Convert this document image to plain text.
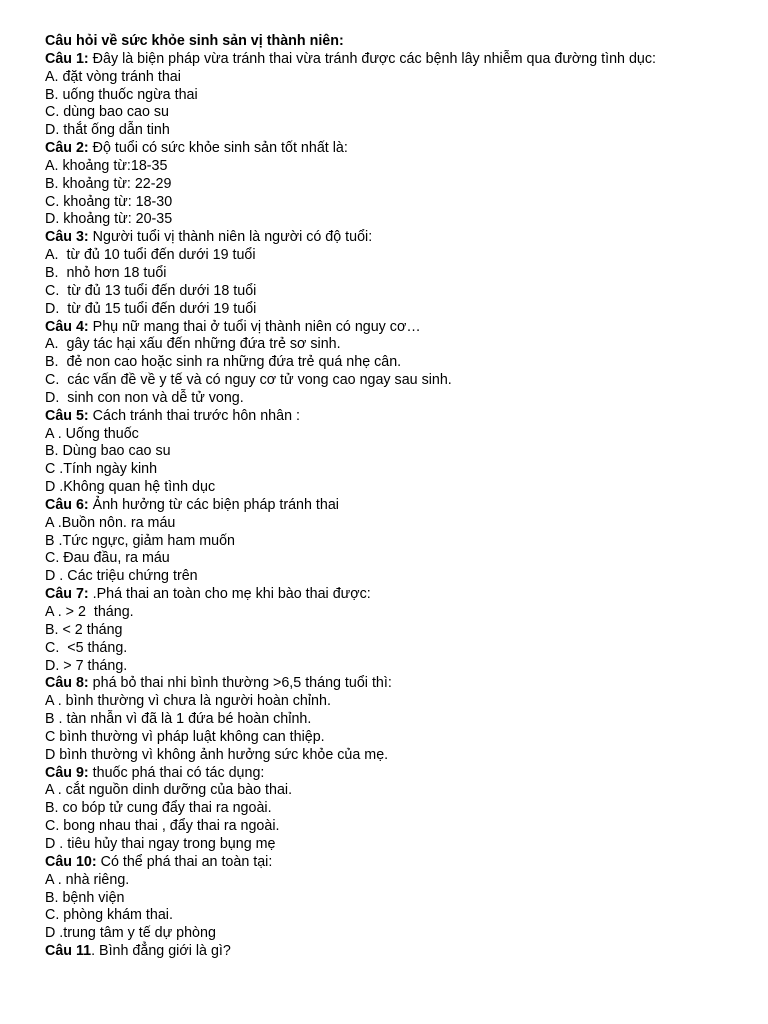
Câu hỏi về sức khỏe sinh sản vị thành niên:
Câu 1: Đây là biện pháp vừa tránh thai vừa tránh được các bệnh lây nhiễm qua đường tình dục:
A. đặt vòng tránh thai
B. uống thuốc ngừa thai
C. dùng bao cao su
D. thắt ống dẫn tinh
Câu 2: Độ tuổi có sức khỏe sinh sản tốt nhất là:
A. khoảng từ:18-35
B. khoảng từ: 22-29
C. khoảng từ: 18-30
D. khoảng từ: 20-35
Câu 3: Người tuổi vị thành niên là người có độ tuổi:
A.  từ đủ 10 tuổi đến dưới 19 tuổi
B.  nhỏ hơn 18 tuổi
C.  từ đủ 13 tuổi đến dưới 18 tuổi
D.  từ đủ 15 tuổi đến dưới 19 tuổi
Câu 4: Phụ nữ mang thai ở tuổi vị thành niên có nguy cơ…
A.  gây tác hại xấu đến những đứa trẻ sơ sinh.
B.  đẻ non cao hoặc sinh ra những đứa trẻ quá nhẹ cân.
C.  các vấn đề về y tế và có nguy cơ tử vong cao ngay sau sinh.
D.  sinh con non và dễ tử vong.
Câu 5: Cách tránh thai trước hôn nhân :
A . Uống thuốc
B. Dùng bao cao su
C .Tính ngày kinh
D .Không quan hệ tình dục
Câu 6: Ảnh hưởng từ các biện pháp tránh thai
A .Buồn nôn. ra máu
B .Tức ngực, giảm ham muốn
C. Đau đầu, ra máu
D . Các triệu chứng trên
Câu 7: .Phá thai an toàn cho mẹ khi bào thai được:
A . > 2  tháng.
B. < 2 tháng
C.  <5 tháng.
D. > 7 tháng.
Câu 8: phá bỏ thai nhi bình thường >6,5 tháng tuổi thì:
A . bình thường vì chưa là người hoàn chỉnh.
B . tàn nhẫn vì đã là 1 đứa bé hoàn chỉnh.
C bình thường vì pháp luật không can thiệp.
D bình thường vì không ảnh hưởng sức khỏe của mẹ.
Câu 9: thuốc phá thai có tác dụng:
A . cắt nguồn dinh dưỡng của bào thai.
B. co bóp tử cung đẩy thai ra ngoài.
C. bong nhau thai , đẩy thai ra ngoài.
D . tiêu hủy thai ngay trong bụng mẹ
Câu 10: Có thể phá thai an toàn tại:
A . nhà riêng.
B. bệnh viện
C. phòng khám thai.
D .trung tâm y tế dự phòng
Câu 11. Bình đẳng giới là gì?
